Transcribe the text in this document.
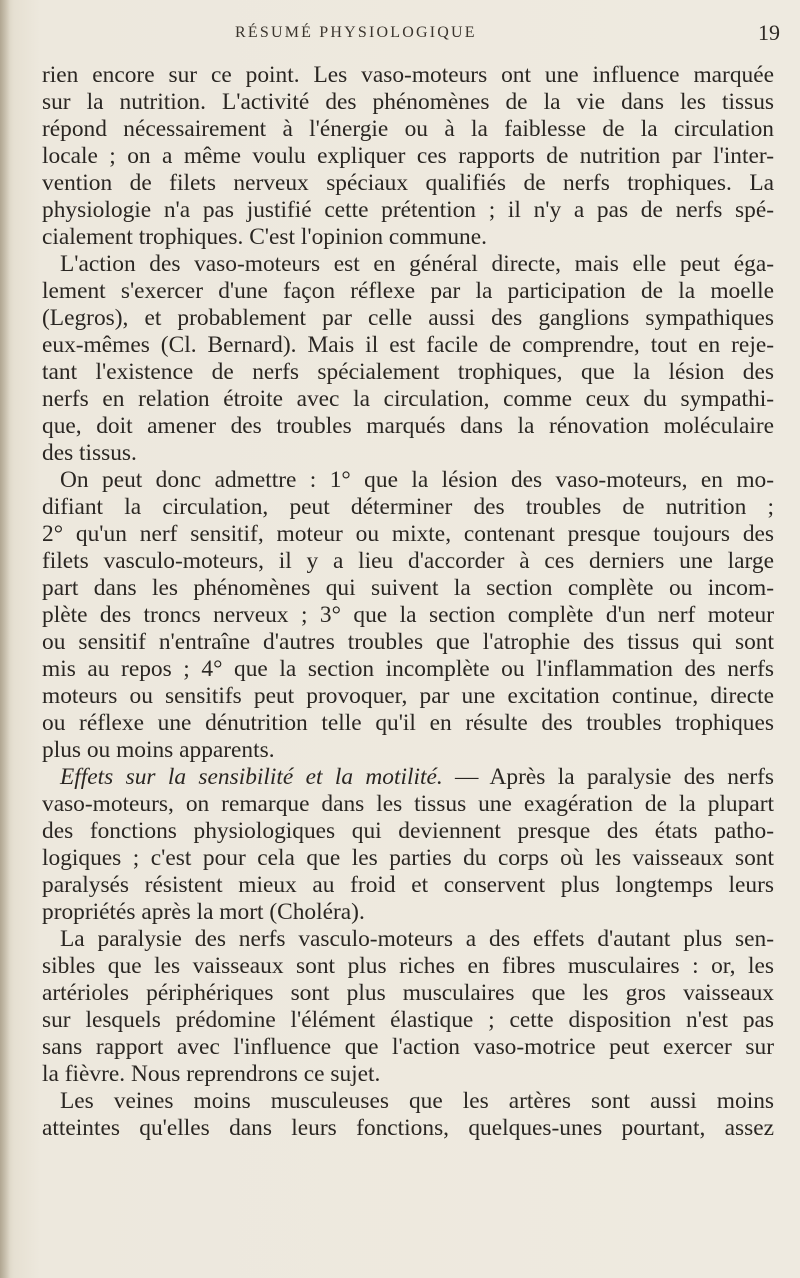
RÉSUMÉ PHYSIOLOGIQUE	19
rien encore sur ce point. Les vaso-moteurs ont une influence marquée
sur la nutrition. L'activité des phénomènes de la vie dans les tissus
répond nécessairement à l'énergie ou à la faiblesse de la circulation
locale ; on a même voulu expliquer ces rapports de nutrition par l'inter-
vention de filets nerveux spéciaux qualifiés de nerfs trophiques. La
physiologie n'a pas justifié cette prétention ; il n'y a pas de nerfs spé-
cialement trophiques. C'est l'opinion commune.
L'action des vaso-moteurs est en général directe, mais elle peut éga-
lement s'exercer d'une façon réflexe par la participation de la moelle
(Legros), et probablement par celle aussi des ganglions sympathiques
eux-mêmes (Cl. Bernard). Mais il est facile de comprendre, tout en reje-
tant l'existence de nerfs spécialement trophiques, que la lésion des
nerfs en relation étroite avec la circulation, comme ceux du sympathi-
que, doit amener des troubles marqués dans la rénovation moléculaire
des tissus.
On peut donc admettre : 1° que la lésion des vaso-moteurs, en mo-
difiant la circulation, peut déterminer des troubles de nutrition ;
2° qu'un nerf sensitif, moteur ou mixte, contenant presque toujours des
filets vasculo-moteurs, il y a lieu d'accorder à ces derniers une large
part dans les phénomènes qui suivent la section complète ou incom-
plète des troncs nerveux ; 3° que la section complète d'un nerf moteur
ou sensitif n'entraîne d'autres troubles que l'atrophie des tissus qui sont
mis au repos ; 4° que la section incomplète ou l'inflammation des nerfs
moteurs ou sensitifs peut provoquer, par une excitation continue, directe
ou réflexe une dénutrition telle qu'il en résulte des troubles trophiques
plus ou moins apparents.
Effets sur la sensibilité et la motilité. — Après la paralysie des nerfs
vaso-moteurs, on remarque dans les tissus une exagération de la plupart
des fonctions physiologiques qui deviennent presque des états patho-
logiques ; c'est pour cela que les parties du corps où les vaisseaux sont
paralysés résistent mieux au froid et conservent plus longtemps leurs
propriétés après la mort (Choléra).
La paralysie des nerfs vasculo-moteurs a des effets d'autant plus sen-
sibles que les vaisseaux sont plus riches en fibres musculaires : or, les
artérioles périphériques sont plus musculaires que les gros vaisseaux
sur lesquels prédomine l'élément élastique ; cette disposition n'est pas
sans rapport avec l'influence que l'action vaso-motrice peut exercer sur
la fièvre. Nous reprendrons ce sujet.
Les veines moins musculeuses que les artères sont aussi moins
atteintes qu'elles dans leurs fonctions, quelques-unes pourtant, assez
